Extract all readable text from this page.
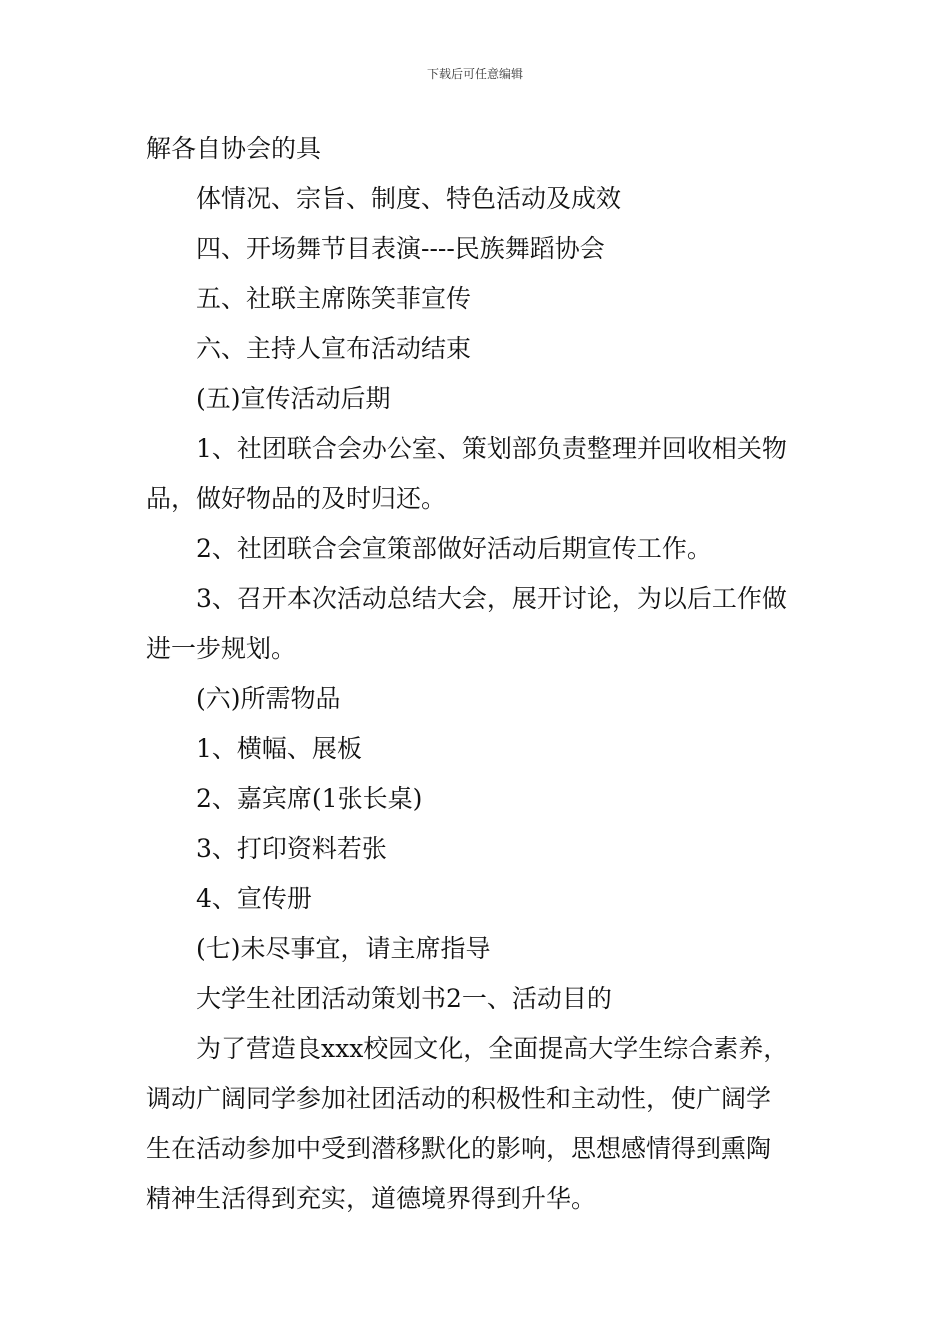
下载后可任意编辑
解各自协会的具
体情况、宗旨、制度、特色活动及成效
四、开场舞节目表演----民族舞蹈协会
五、社联主席陈笑菲宣传
六、主持人宣布活动结束
(五)宣传活动后期
1、社团联合会办公室、策划部负责整理并回收相关物
品，做好物品的及时归还。
2、社团联合会宣策部做好活动后期宣传工作。
3、召开本次活动总结大会，展开讨论，为以后工作做
进一步规划。
(六)所需物品
1、横幅、展板
2、嘉宾席(1张长桌)
3、打印资料若张
4、宣传册
(七)未尽事宜，请主席指导
大学生社团活动策划书2一、活动目的
为了营造良xxx校园文化，全面提高大学生综合素养，
调动广阔同学参加社团活动的积极性和主动性，使广阔学
生在活动参加中受到潜移默化的影响，思想感情得到熏陶
精神生活得到充实，道德境界得到升华。
